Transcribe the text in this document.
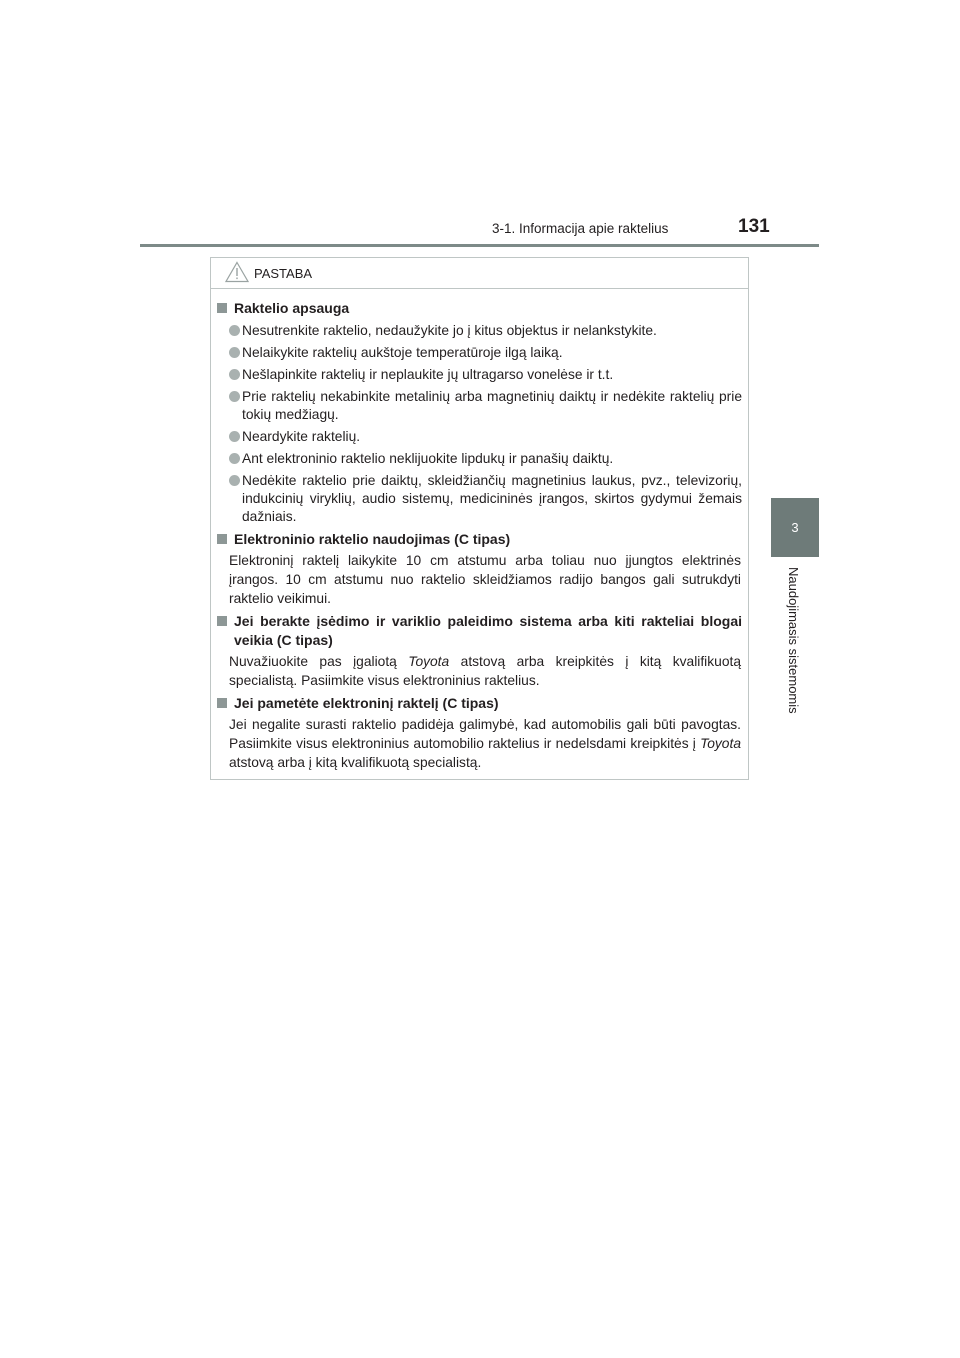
3-1. Informacija apie raktelius	131
3
Naudojimasis sistemomis
PASTABA
Raktelio apsauga
Nesutrenkite raktelio, nedaužykite jo į kitus objektus ir nelankstykite.
Nelaikykite raktelių aukštoje temperatūroje ilgą laiką.
Nešlapinkite raktelių ir neplaukite jų ultragarso vonelėse ir t.t.
Prie raktelių nekabinkite metalinių arba magnetinių daiktų ir nedėkite raktelių prie tokių medžiagų.
Neardykite raktelių.
Ant elektroninio raktelio neklijuokite lipdukų ir panašių daiktų.
Nedėkite raktelio prie daiktų, skleidžiančių magnetinius laukus, pvz., televizorių, indukcinių viryklių, audio sistemų, medicininės įrangos, skirtos gydymui žemais dažniais.
Elektroninio raktelio naudojimas (C tipas)
Elektroninį raktelį laikykite 10 cm atstumu arba toliau nuo įjungtos elektrinės įrangos. 10 cm atstumu nuo raktelio skleidžiamos radijo bangos gali sutrukdyti raktelio veikimui.
Jei berakte įsėdimo ir variklio paleidimo sistema arba kiti rakteliai blogai veikia (C tipas)
Nuvažiuokite pas įgaliotą Toyota atstovą arba kreipkitės į kitą kvalifikuotą specialistą. Pasiimkite visus elektroninius raktelius.
Jei pametėte elektroninį raktelį (C tipas)
Jei negalite surasti raktelio padidėja galimybė, kad automobilis gali būti pavogtas. Pasiimkite visus elektroninius automobilio raktelius ir nedelsdami kreipkitės į Toyota atstovą arba į kitą kvalifikuotą specialistą.
